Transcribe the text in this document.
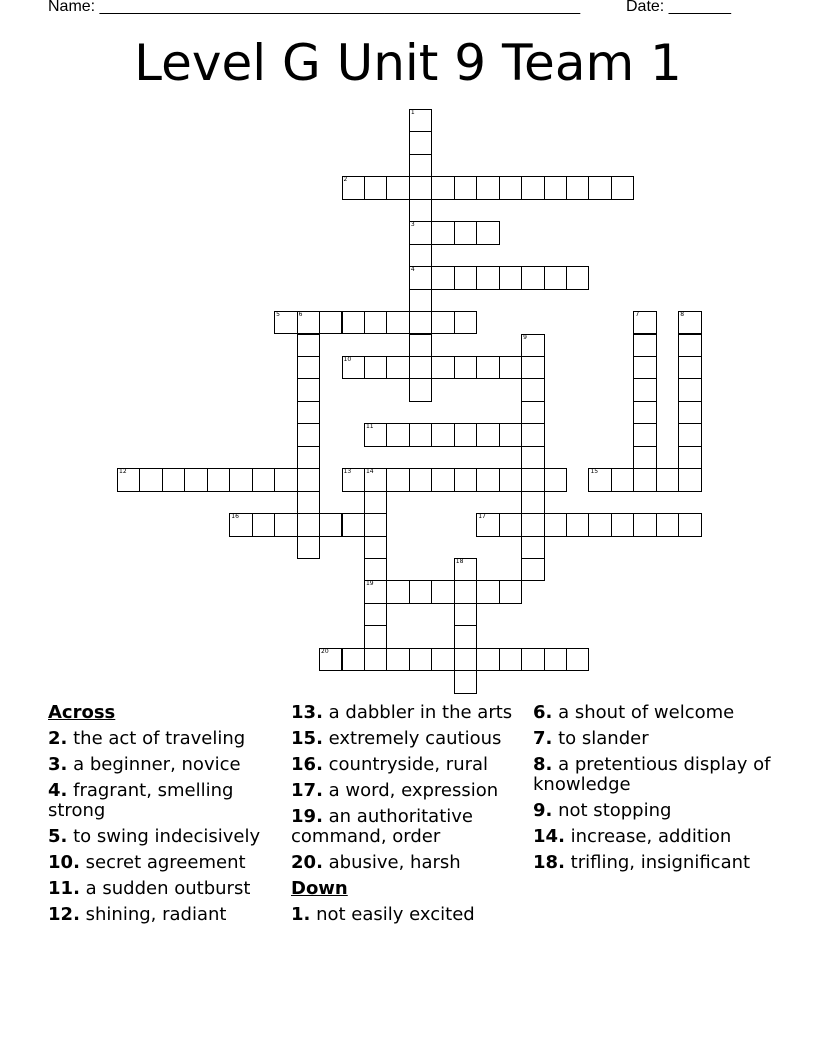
Name: ______________________________________________________	Date: _______
Level G Unit 9 Team 1
1
3
4
2
5	6	7	8
9
10
11
12	13 14
19
15
16	17
18
20
Across
2. the act of traveling
3. a beginner, novice
4. fragrant, smelling strong
5. to swing indecisively
10. secret agreement
11. a sudden outburst
12. shining, radiant
13. a dabbler in the arts
15. extremely cautious
16. countryside, rural
17. a word, expression
19. an authoritative command, order
20. abusive, harsh
Down
1. not easily excited
6. a shout of welcome
7. to slander
8. a pretentious display of knowledge
9. not stopping
14. increase, addition
18. trifling, insignificant
